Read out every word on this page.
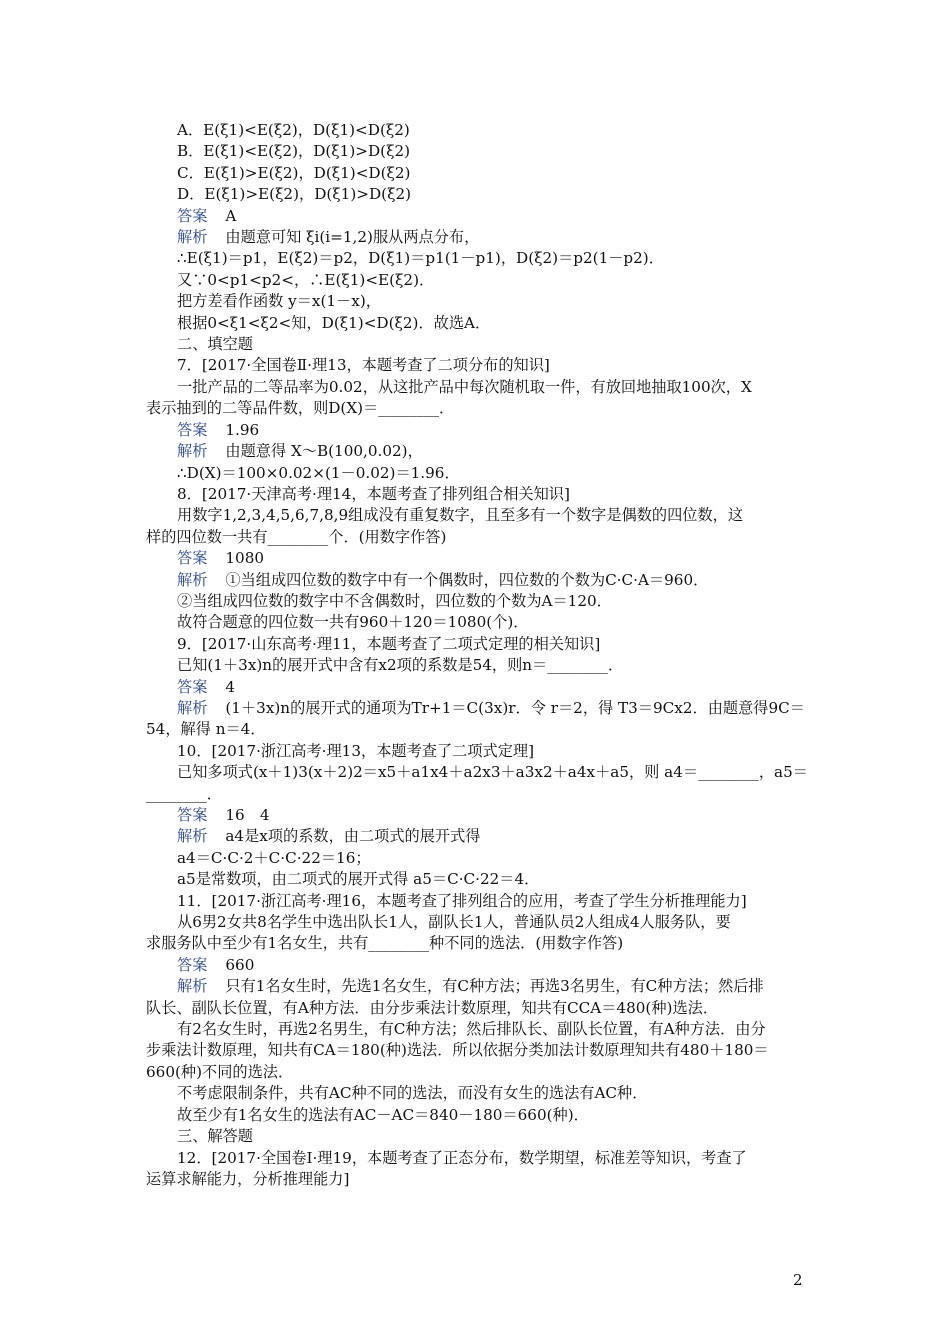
A．E(ξ1)<E(ξ2)，D(ξ1)<D(ξ2)
B．E(ξ1)<E(ξ2)，D(ξ1)>D(ξ2)
C．E(ξ1)>E(ξ2)，D(ξ1)<D(ξ2)
D．E(ξ1)>E(ξ2)，D(ξ1)>D(ξ2)
答案 A
解析 由题意可知 ξi(i=1,2)服从两点分布，
∴E(ξ1)＝p1，E(ξ2)＝p2，D(ξ1)＝p1(1－p1)，D(ξ2)＝p2(1－p2)．
又∵0<p1<p2<，∴E(ξ1)<E(ξ2)．
把方差看作函数 y＝x(1－x)，
根据0<ξ1<ξ2<知，D(ξ1)<D(ξ2)．故选A．
二、填空题
7．[2017·全国卷Ⅱ·理13，本题考查了二项分布的知识]
一批产品的二等品率为0.02，从这批产品中每次随机取一件，有放回地抽取100次，X
表示抽到的二等品件数，则D(X)＝________．
答案 1.96
解析 由题意得 X～B(100,0.02)，
∴D(X)＝100×0.02×(1－0.02)＝1.96．
8．[2017·天津高考·理14，本题考查了排列组合相关知识]
用数字1,2,3,4,5,6,7,8,9组成没有重复数字，且至多有一个数字是偶数的四位数，这
样的四位数一共有________个．(用数字作答)
答案 1080
解析 ①当组成四位数的数字中有一个偶数时，四位数的个数为C·C·A＝960．
②当组成四位数的数字中不含偶数时，四位数的个数为A＝120．
故符合题意的四位数一共有960＋120＝1080(个)．
9．[2017·山东高考·理11，本题考查了二项式定理的相关知识]
已知(1＋3x)n的展开式中含有x2项的系数是54，则n＝________．
答案 4
解析 (1＋3x)n的展开式的通项为Tr+1＝C(3x)r．令 r＝2，得 T3＝9Cx2．由题意得9C＝
54，解得 n＝4．
10．[2017·浙江高考·理13，本题考查了二项式定理]
已知多项式(x＋1)3(x＋2)2＝x5＋a1x4＋a2x3＋a3x2＋a4x＋a5，则 a4＝________，a5＝
________．
答案 16　4
解析 a4是x项的系数，由二项式的展开式得
a4＝C·C·2＋C·C·22＝16；
a5是常数项，由二项式的展开式得 a5＝C·C·22＝4．
11．[2017·浙江高考·理16，本题考查了排列组合的应用，考查了学生分析推理能力]
从6男2女共8名学生中选出队长1人，副队长1人，普通队员2人组成4人服务队，要
求服务队中至少有1名女生，共有________种不同的选法．(用数字作答)
答案 660
解析 只有1名女生时，先选1名女生，有C种方法；再选3名男生，有C种方法；然后排
队长、副队长位置，有A种方法．由分步乘法计数原理，知共有CCA＝480(种)选法．
有2名女生时，再选2名男生，有C种方法；然后排队长、副队长位置，有A种方法．由分
步乘法计数原理，知共有CA＝180(种)选法．所以依据分类加法计数原理知共有480＋180＝
660(种)不同的选法．
不考虑限制条件，共有AC种不同的选法，而没有女生的选法有AC种．
故至少有1名女生的选法有AC－AC＝840－180＝660(种)．
三、解答题
12．[2017·全国卷Ⅰ·理19，本题考查了正态分布，数学期望，标准差等知识，考查了
运算求解能力，分析推理能力]
2
